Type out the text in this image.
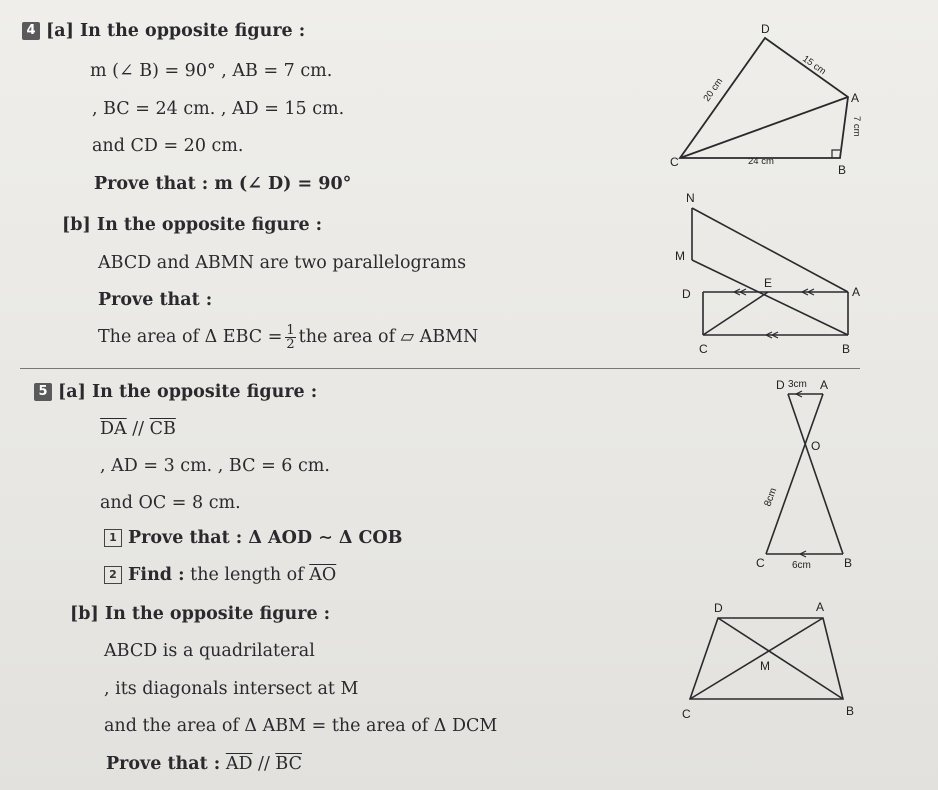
4 [a] In the opposite figure :
m (∠ B) = 90° , AB = 7 cm.
, BC = 24 cm. , AD = 15 cm.
and CD = 20 cm.
Prove that : m (∠ D) = 90°
D
A
B
C
20 cm
15 cm
7 cm
24 cm
[b] In the opposite figure :
ABCD and ABMN are two parallelograms
Prove that :
The area of Δ EBC = $\frac{1}{2}$ the area of ▱ ABMN
N
M
D
E
A
C	B
5 [a] In the opposite figure :
$\overline{DA} // \overline{CB}$
, AD = 3 cm. , BC = 6 cm.
and OC = 8 cm.
1 Prove that : Δ AOD ∼ Δ COB
2 Find : the length of $\overline{AO}$
D 3cm A
O
8cm
C	6cm	B
[b] In the opposite figure :
ABCD is a quadrilateral
, its diagonals intersect at M
and the area of Δ ABM = the area of Δ DCM
Prove that : $\overline{AD} // \overline{BC}$
D	A
M
C	B
